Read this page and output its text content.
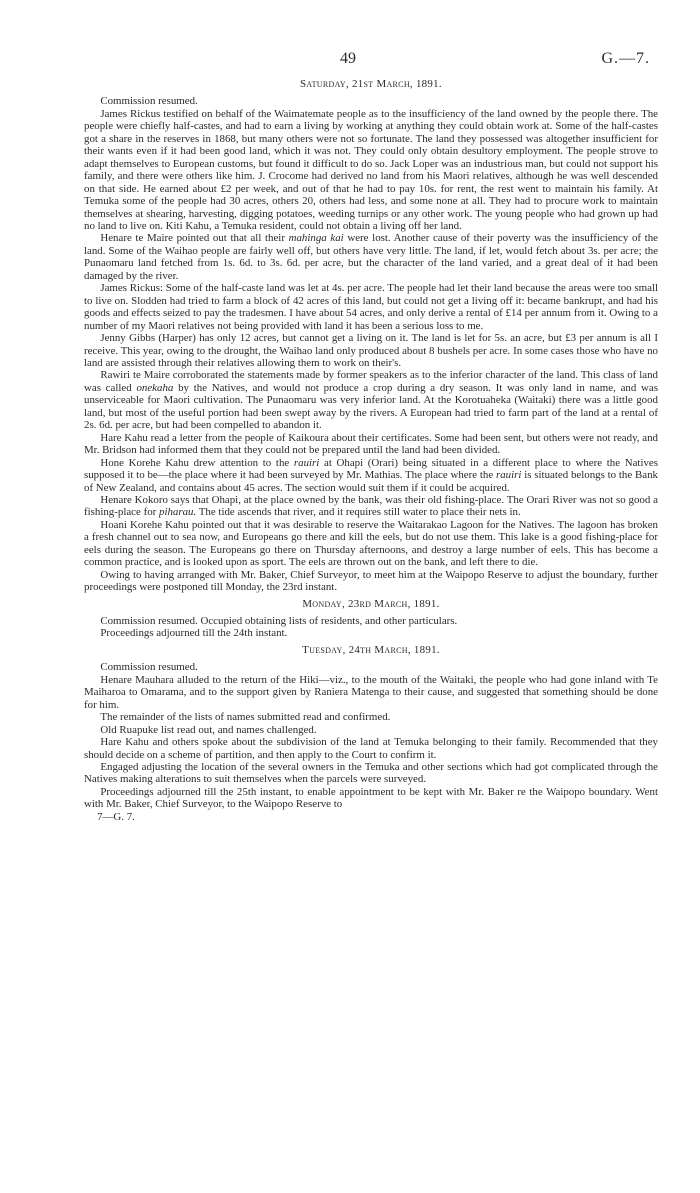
49	G.—7.
Saturday, 21st March, 1891.

Commission resumed.

James Rickus testified on behalf of the Waimatemate people as to the insufficiency of the land owned by the people there. The people were chiefly half-castes, and had to earn a living by working at anything they could obtain work at. Some of the half-castes got a share in the reserves in 1868, but many others were not so fortunate. The land they possessed was altogether insufficient for their wants even if it had been good land, which it was not. They could only obtain desultory employment. The people strove to adapt themselves to European customs, but found it difficult to do so. Jack Loper was an industrious man, but could not support his family, and there were others like him. J. Crocome had derived no land from his Maori relatives, although he was well descended on that side. He earned about £2 per week, and out of that he had to pay 10s. for rent, the rest went to maintain his family. At Temuka some of the people had 30 acres, others 20, others had less, and some none at all. They had to procure work to maintain themselves at shearing, harvesting, digging potatoes, weeding turnips or any other work. The young people who had grown up had no land to live on. Kiti Kahu, a Temuka resident, could not obtain a living off her land.

Henare te Maire pointed out that all their mahinga kai were lost. Another cause of their poverty was the insufficiency of the land. Some of the Waihao people are fairly well off, but others have very little. The land, if let, would fetch about 3s. per acre; the Punaomaru land fetched from 1s. 6d. to 3s. 6d. per acre, but the character of the land varied, and a great deal of it had been damaged by the river.

James Rickus: Some of the half-caste land was let at 4s. per acre. The people had let their land because the areas were too small to live on. Slodden had tried to farm a block of 42 acres of this land, but could not get a living off it: became bankrupt, and had his goods and effects seized to pay the tradesmen. I have about 54 acres, and only derive a rental of £14 per annum from it. Owing to a number of my Maori relatives not being provided with land it has been a serious loss to me.

Jenny Gibbs (Harper) has only 12 acres, but cannot get a living on it. The land is let for 5s. an acre, but £3 per annum is all I receive. This year, owing to the drought, the Waihao land only produced about 8 bushels per acre. In some cases those who have no land are assisted through their relatives allowing them to work on their's.

Rawiri te Maire corroborated the statements made by former speakers as to the inferior character of the land. This class of land was called onekaha by the Natives, and would not produce a crop during a dry season. It was only land in name, and was unserviceable for Maori cultivation. The Punaomaru was very inferior land. At the Korotuaheka (Waitaki) there was a little good land, but most of the useful portion had been swept away by the rivers. A European had tried to farm part of the land at a rental of 2s. 6d. per acre, but had been compelled to abandon it.

Hare Kahu read a letter from the people of Kaikoura about their certificates. Some had been sent, but others were not ready, and Mr. Bridson had informed them that they could not be prepared until the land had been divided.

Hone Korehe Kahu drew attention to the rauiri at Ohapi (Orari) being situated in a different place to where the Natives supposed it to be—the place where it had been surveyed by Mr. Mathias. The place where the rauiri is situated belongs to the Bank of New Zealand, and contains about 45 acres. The section would suit them if it could be acquired.

Henare Kokoro says that Ohapi, at the place owned by the bank, was their old fishing-place. The Orari River was not so good a fishing-place for piharau. The tide ascends that river, and it requires still water to place their nets in.

Hoani Korehe Kahu pointed out that it was desirable to reserve the Waitarakao Lagoon for the Natives. The lagoon has broken a fresh channel out to sea now, and Europeans go there and kill the eels, but do not use them. This lake is a good fishing-place for eels during the season. The Europeans go there on Thursday afternoons, and destroy a large number of eels. This has become a common practice, and is looked upon as sport. The eels are thrown out on the bank, and left there to die.

Owing to having arranged with Mr. Baker, Chief Surveyor, to meet him at the Waipopo Reserve to adjust the boundary, further proceedings were postponed till Monday, the 23rd instant.

Monday, 23rd March, 1891.

Commission resumed. Occupied obtaining lists of residents, and other particulars.

Proceedings adjourned till the 24th instant.

Tuesday, 24th March, 1891.

Commission resumed.

Henare Mauhara alluded to the return of the Hiki—viz., to the mouth of the Waitaki, the people who had gone inland with Te Maiharoa to Omarama, and to the support given by Raniera Matenga to their cause, and suggested that something should be done for him.

The remainder of the lists of names submitted read and confirmed.

Old Ruapuke list read out, and names challenged.

Hare Kahu and others spoke about the subdivision of the land at Temuka belonging to their family. Recommended that they should decide on a scheme of partition, and then apply to the Court to confirm it.

Engaged adjusting the location of the several owners in the Temuka and other sections which had got complicated through the Natives making alterations to suit themselves when the parcels were surveyed.

Proceedings adjourned till the 25th instant, to enable appointment to be kept with Mr. Baker re the Waipopo boundary. Went with Mr. Baker, Chief Surveyor, to the Waipopo Reserve to

7—G. 7.
